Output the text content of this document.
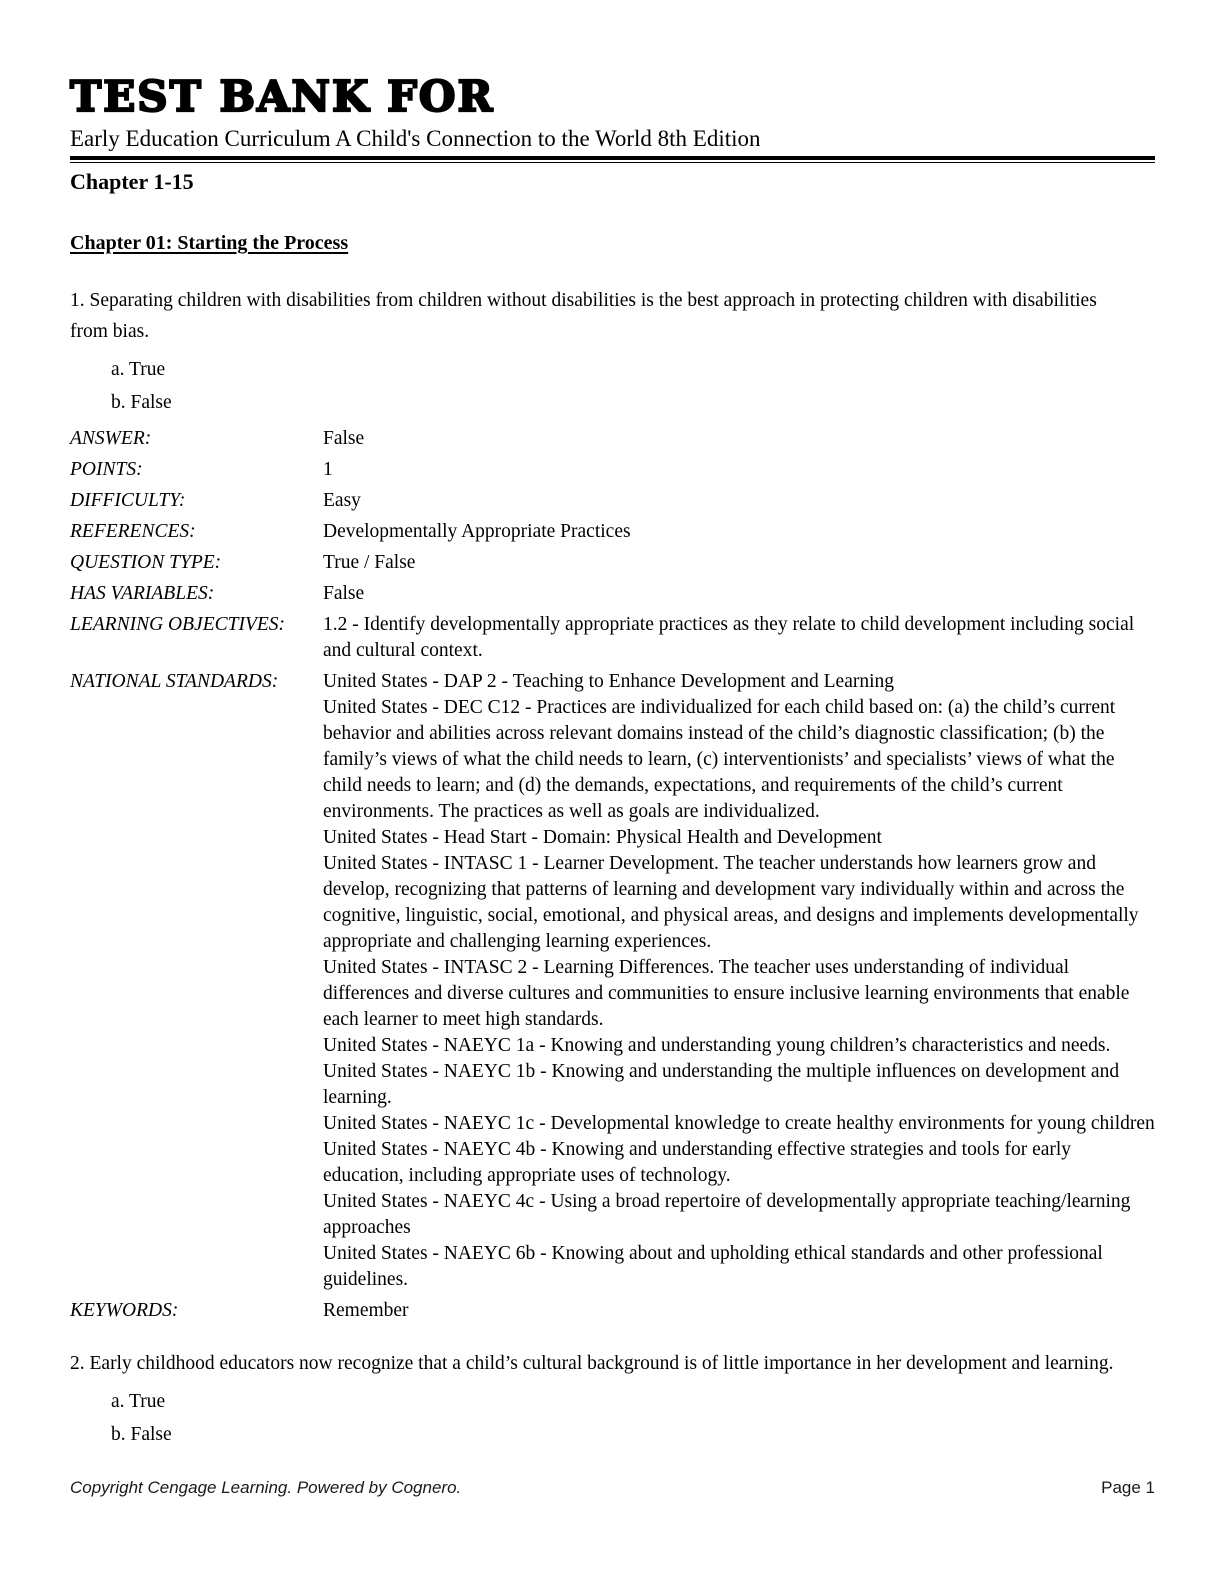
TEST BANK FOR
Early Education Curriculum A Child's Connection to the World 8th Edition
Chapter 1-15
Chapter 01: Starting the Process
1. Separating children with disabilities from children without disabilities is the best approach in protecting children with disabilities from bias.
a. True
b. False
ANSWER:	False
POINTS:	1
DIFFICULTY:	Easy
REFERENCES:	Developmentally Appropriate Practices
QUESTION TYPE:	True / False
HAS VARIABLES:	False
LEARNING OBJECTIVES:	1.2 - Identify developmentally appropriate practices as they relate to child development including social and cultural context.
NATIONAL STANDARDS:	United States - DAP 2 - Teaching to Enhance Development and Learning

United States - DEC C12 - Practices are individualized for each child based on: (a) the child’s current behavior and abilities across relevant domains instead of the child’s diagnostic classification; (b) the family’s views of what the child needs to learn, (c) interventionists’ and specialists’ views of what the child needs to learn; and (d) the demands, expectations, and requirements of the child’s current environments. The practices as well as goals are individualized.

United States - Head Start - Domain: Physical Health and Development

United States - INTASC 1 - Learner Development. The teacher understands how learners grow and develop, recognizing that patterns of learning and development vary individually within and across the cognitive, linguistic, social, emotional, and physical areas, and designs and implements developmentally appropriate and challenging learning experiences.

United States - INTASC 2 - Learning Differences. The teacher uses understanding of individual differences and diverse cultures and communities to ensure inclusive learning environments that enable each learner to meet high standards.

United States - NAEYC 1a - Knowing and understanding young children’s characteristics and needs.

United States - NAEYC 1b - Knowing and understanding the multiple influences on development and learning.

United States - NAEYC 1c - Developmental knowledge to create healthy environments for young children

United States - NAEYC 4b - Knowing and understanding effective strategies and tools for early education, including appropriate uses of technology.

United States - NAEYC 4c - Using a broad repertoire of developmentally appropriate teaching/learning approaches

United States - NAEYC 6b - Knowing about and upholding ethical standards and other professional guidelines.

KEYWORDS:	Remember
2. Early childhood educators now recognize that a child’s cultural background is of little importance in her development and learning.
a. True
b. False
Copyright Cengage Learning. Powered by Cognero.	Page 1
